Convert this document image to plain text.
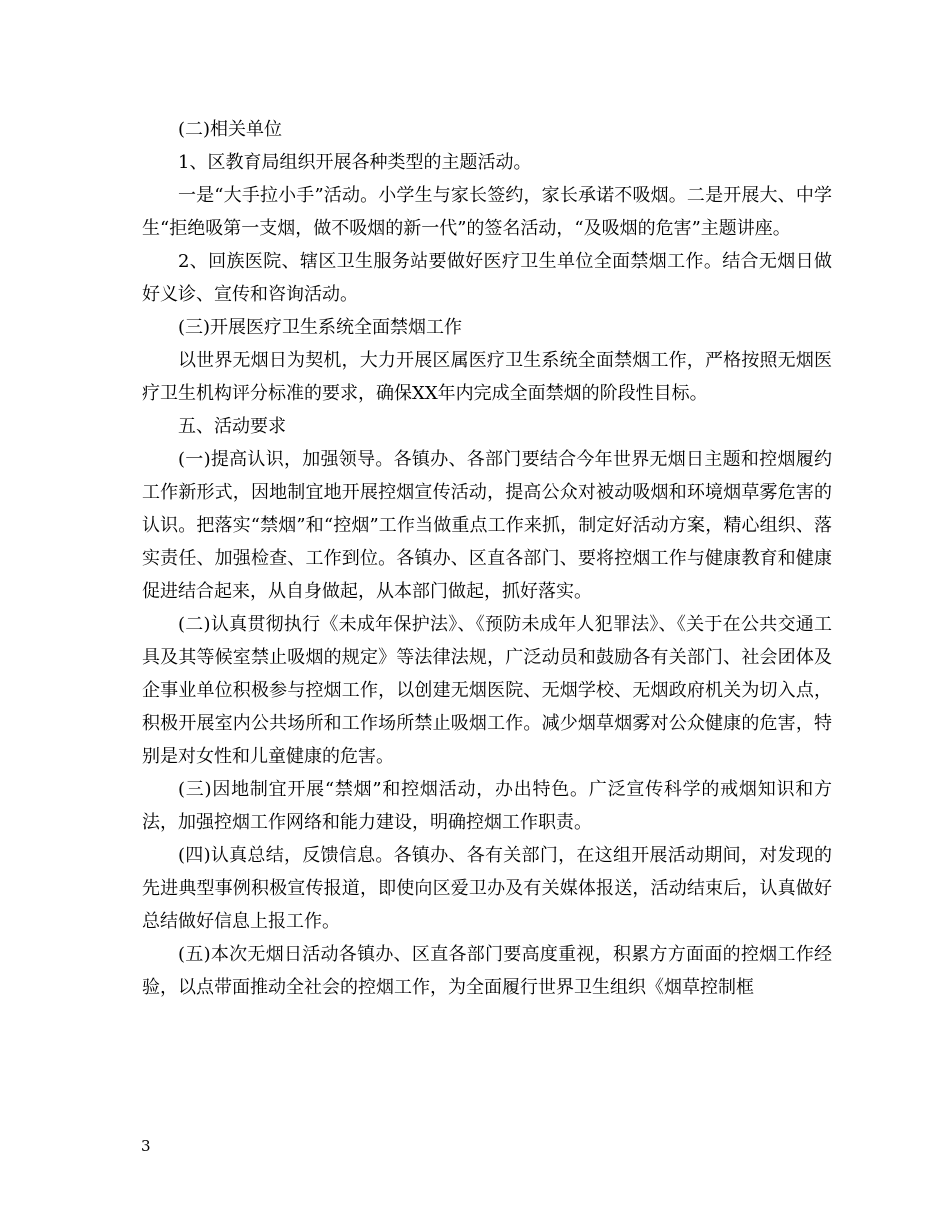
(二)相关单位

1、区教育局组织开展各种类型的主题活动。

一是“大手拉小手”活动。小学生与家长签约，家长承诺不吸烟。二是开展大、中学生“拒绝吸第一支烟，做不吸烟的新一代”的签名活动，“及吸烟的危害”主题讲座。

2、回族医院、辖区卫生服务站要做好医疗卫生单位全面禁烟工作。结合无烟日做好义诊、宣传和咨询活动。

(三)开展医疗卫生系统全面禁烟工作

以世界无烟日为契机，大力开展区属医疗卫生系统全面禁烟工作，严格按照无烟医疗卫生机构评分标准的要求，确保XX年内完成全面禁烟的阶段性目标。

五、活动要求

(一)提高认识，加强领导。各镇办、各部门要结合今年世界无烟日主题和控烟履约工作新形式，因地制宜地开展控烟宣传活动，提高公众对被动吸烟和环境烟草雾危害的认识。把落实“禁烟”和“控烟”工作当做重点工作来抓，制定好活动方案，精心组织、落实责任、加强检查、工作到位。各镇办、区直各部门、要将控烟工作与健康教育和健康促进结合起来，从自身做起，从本部门做起，抓好落实。

(二)认真贯彻执行《未成年保护法》、《预防未成年人犯罪法》、《关于在公共交通工具及其等候室禁止吸烟的规定》等法律法规，广泛动员和鼓励各有关部门、社会团体及企事业单位积极参与控烟工作，以创建无烟医院、无烟学校、无烟政府机关为切入点，积极开展室内公共场所和工作场所禁止吸烟工作。减少烟草烟雾对公众健康的危害，特别是对女性和儿童健康的危害。

(三)因地制宜开展“禁烟”和控烟活动，办出特色。广泛宣传科学的戒烟知识和方法，加强控烟工作网络和能力建设，明确控烟工作职责。

(四)认真总结，反馈信息。各镇办、各有关部门，在这组开展活动期间，对发现的先进典型事例积极宣传报道，即使向区爱卫办及有关媒体报送，活动结束后，认真做好总结做好信息上报工作。

(五)本次无烟日活动各镇办、区直各部门要高度重视，积累方方面面的控烟工作经验，以点带面推动全社会的控烟工作，为全面履行世界卫生组织《烟草控制框

3
